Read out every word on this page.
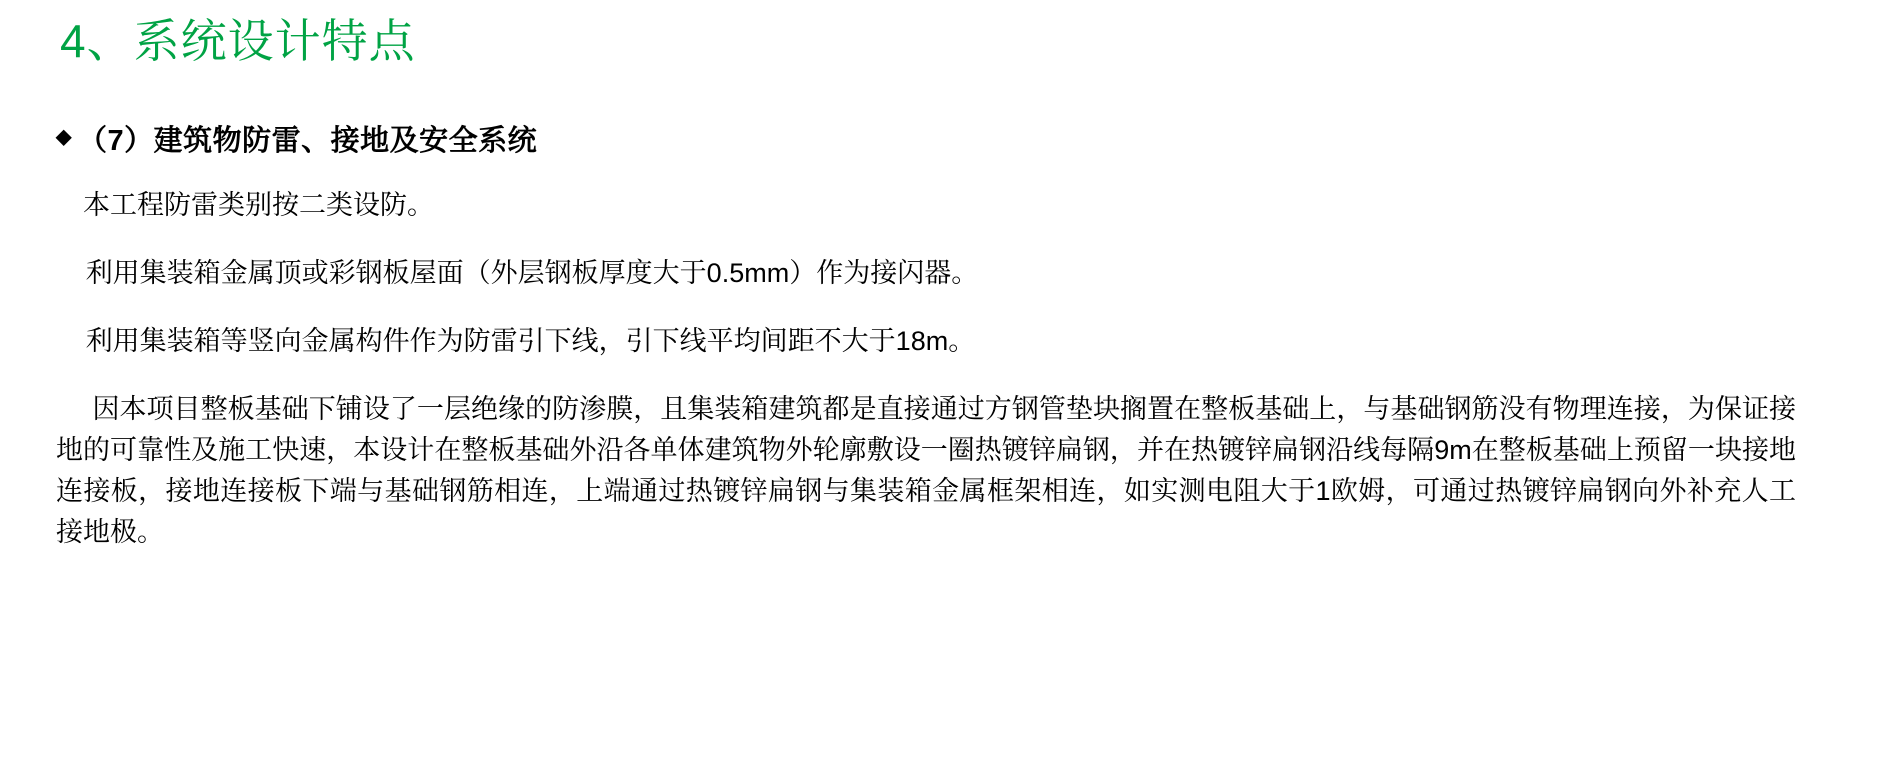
4、系统设计特点
◆ （7）建筑物防雷、接地及安全系统

本工程防雷类别按二类设防。

利用集装箱金属顶或彩钢板屋面（外层钢板厚度大于0.5mm）作为接闪器。

利用集装箱等竖向金属构件作为防雷引下线，引下线平均间距不大于18m。

因本项目整板基础下铺设了一层绝缘的防渗膜，且集装箱建筑都是直接通过方钢管垫块搁置在整板基础上，与基础钢筋没有物理连接，为保证接地的可靠性及施工快速，本设计在整板基础外沿各单体建筑物外轮廓敷设一圈热镀锌扁钢，并在热镀锌扁钢沿线每隔9m在整板基础上预留一块接地连接板，接地连接板下端与基础钢筋相连，上端通过热镀锌扁钢与集装箱金属框架相连，如实测电阻大于1欧姆，可通过热镀锌扁钢向外补充人工接地极。
